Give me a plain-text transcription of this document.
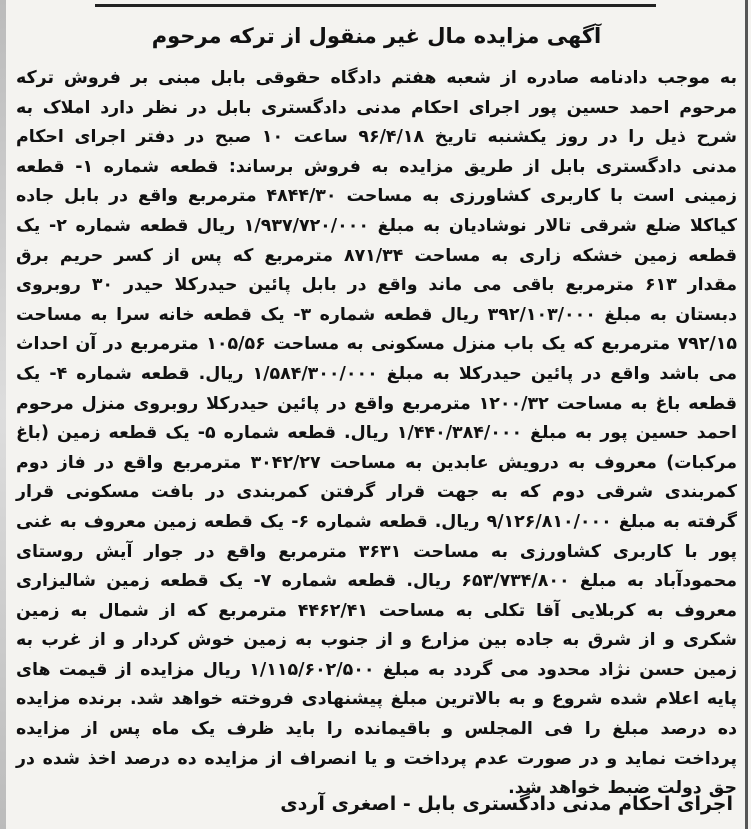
آگهی مزایده مال غیر منقول از ترکه مرحوم

به موجب دادنامه صادره از شعبه هفتم دادگاه حقوقی بابل مبنی بر فروش ترکه مرحوم احمد حسین پور اجرای احکام مدنی دادگستری بابل در نظر دارد املاک به شرح ذیل را در روز یکشنبه تاریخ ۹۶/۴/۱۸ ساعت ۱۰ صبح در دفتر اجرای احکام مدنی دادگستری بابل از طریق مزایده به فروش برساند: قطعه شماره ۱- قطعه زمینی است با کاربری کشاورزی به مساحت ۴۸۴۴/۳۰ مترمربع واقع در بابل جاده کیاکلا ضلع شرقی تالار نوشادیان به مبلغ ۱/۹۳۷/۷۲۰/۰۰۰ ریال قطعه شماره ۲- یک قطعه زمین خشکه زاری به مساحت ۸۷۱/۳۴ مترمربع که پس از کسر حریم برق مقدار ۶۱۳ مترمربع باقی می ماند واقع در بابل پائین حیدرکلا حیدر ۳۰ روبروی دبستان به مبلغ ۳۹۲/۱۰۳/۰۰۰ ریال قطعه شماره ۳- یک قطعه خانه سرا به مساحت ۷۹۲/۱۵ مترمربع که یک باب منزل مسکونی به مساحت ۱۰۵/۵۶ مترمربع در آن احداث می باشد واقع در پائین حیدرکلا به مبلغ ۱/۵۸۴/۳۰۰/۰۰۰ ریال. قطعه شماره ۴- یک قطعه باغ به مساحت ۱۲۰۰/۳۲ مترمربع واقع در پائین حیدرکلا روبروی منزل مرحوم احمد حسین پور به مبلغ ۱/۴۴۰/۳۸۴/۰۰۰ ریال. قطعه شماره ۵- یک قطعه زمین (باغ مرکبات) معروف به درویش عابدین به مساحت ۳۰۴۲/۲۷ مترمربع واقع در فاز دوم کمربندی شرقی دوم که به جهت قرار گرفتن کمربندی در بافت مسکونی قرار گرفته به مبلغ ۹/۱۲۶/۸۱۰/۰۰۰ ریال. قطعه شماره ۶- یک قطعه زمین معروف به غنی پور با کاربری کشاورزی به مساحت ۳۶۳۱ مترمربع واقع در جوار آیش روستای محمودآباد به مبلغ ۶۵۳/۷۳۴/۸۰۰ ریال. قطعه شماره ۷- یک قطعه زمین شالیزاری معروف به کربلایی آقا تکلی به مساحت ۴۴۶۲/۴۱ مترمربع که از شمال به زمین شکری و از شرق به جاده بین مزارع و از جنوب به زمین خوش کردار و از غرب به زمین حسن نژاد محدود می گردد به مبلغ ۱/۱۱۵/۶۰۲/۵۰۰ ریال مزایده از قیمت های پایه اعلام شده شروع و به بالاترین مبلغ پیشنهادی فروخته خواهد شد. برنده مزایده ده درصد مبلغ را فی المجلس و باقیمانده را باید ظرف یک ماه پس از مزایده پرداخت نماید و در صورت عدم پرداخت و یا انصراف از مزایده ده درصد اخذ شده در حق دولت ضبط خواهد شد.

اجرای احکام مدنی دادگستری بابل - اصغری آردی
